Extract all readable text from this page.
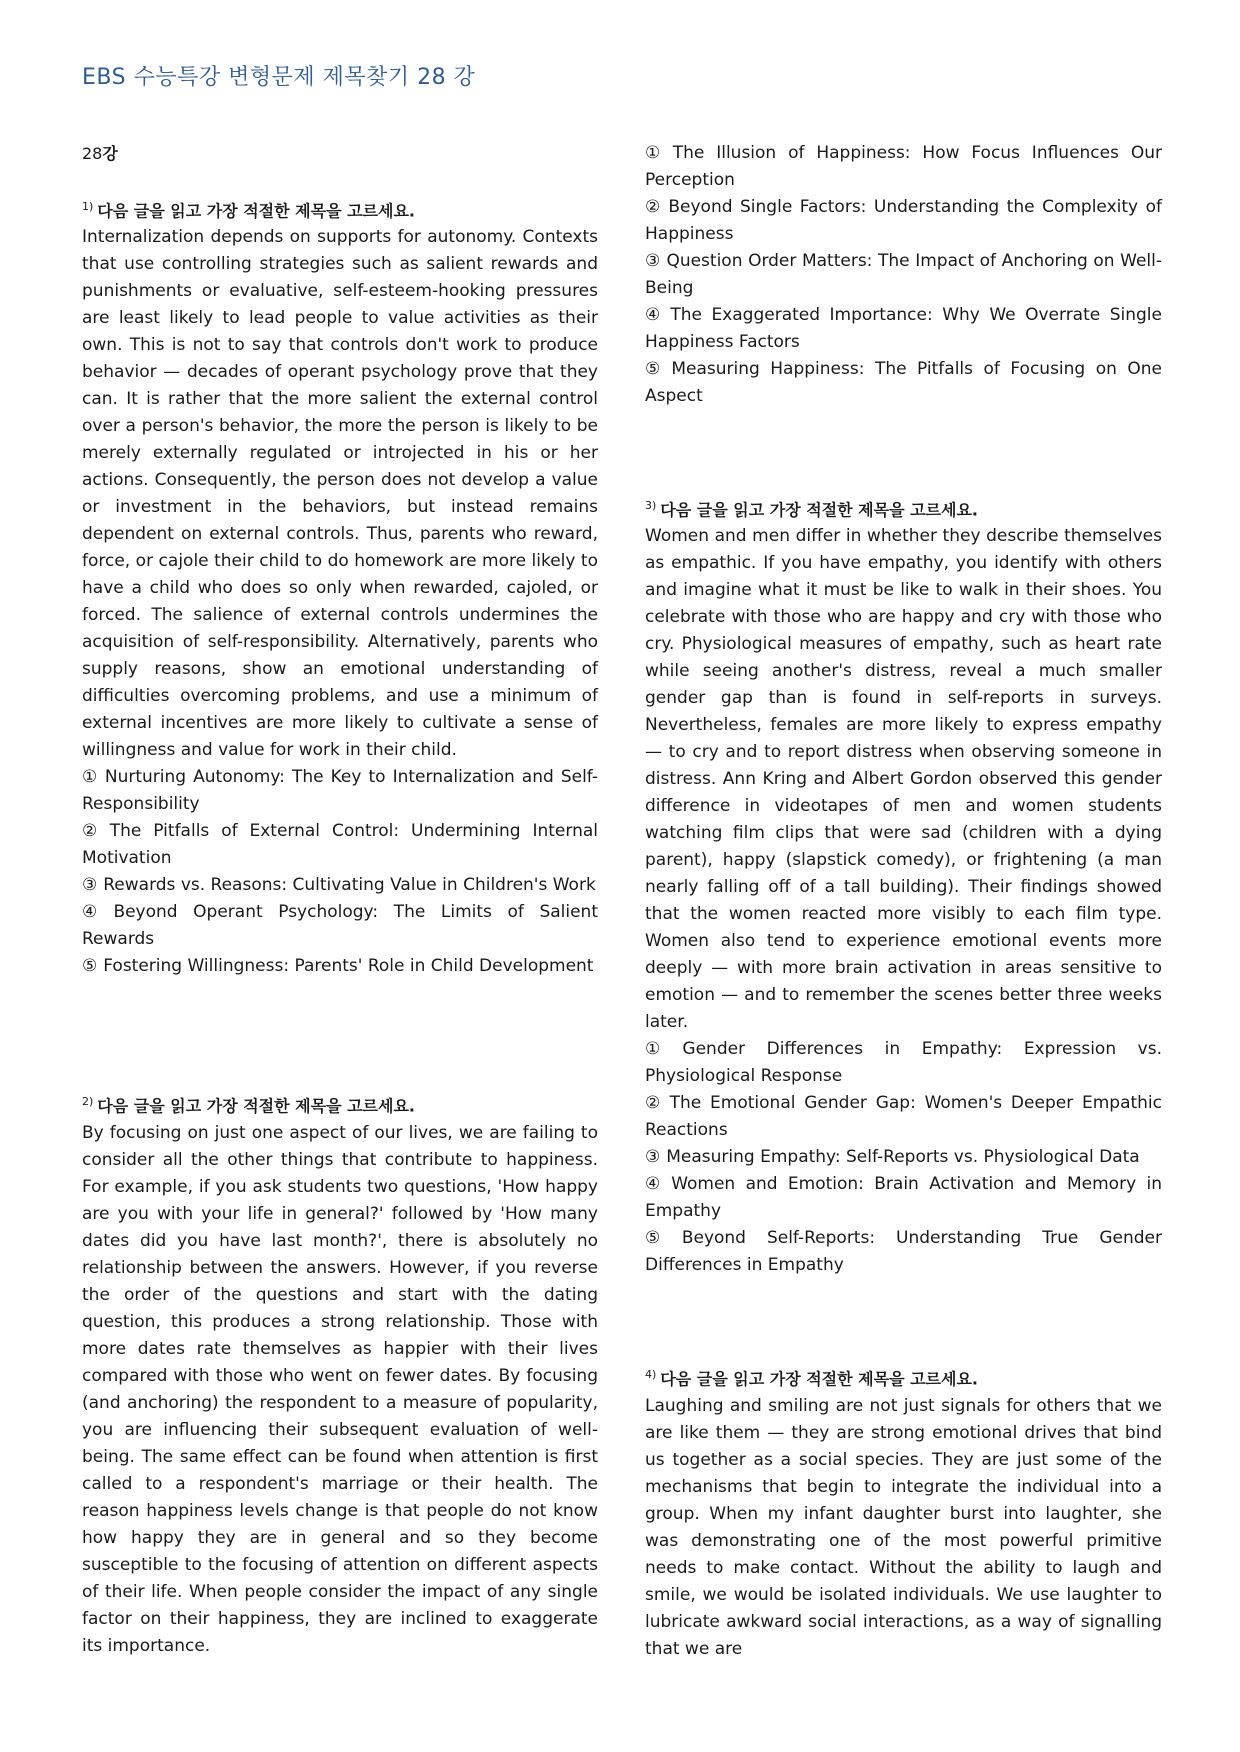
EBS 수능특강 변형문제 제목찾기 28 강
28강
$^{1)}$ 다음 글을 읽고 가장 적절한 제목을 고르세요.

Internalization depends on supports for autonomy. Contexts that use controlling strategies such as salient rewards and punishments or evaluative, self-esteem-hooking pressures are least likely to lead people to value activities as their own. This is not to say that controls don't work to produce behavior — decades of operant psychology prove that they can. It is rather that the more salient the external control over a person's behavior, the more the person is likely to be merely externally regulated or introjected in his or her actions. Consequently, the person does not develop a value or investment in the behaviors, but instead remains dependent on external controls. Thus, parents who reward, force, or cajole their child to do homework are more likely to have a child who does so only when rewarded, cajoled, or forced. The salience of external controls undermines the acquisition of self-responsibility. Alternatively, parents who supply reasons, show an emotional understanding of difficulties overcoming problems, and use a minimum of external incentives are more likely to cultivate a sense of willingness and value for work in their child.

① Nurturing Autonomy: The Key to Internalization and Self-Responsibility
② The Pitfalls of External Control: Undermining Internal Motivation
③ Rewards vs. Reasons: Cultivating Value in Children's Work
④ Beyond Operant Psychology: The Limits of Salient Rewards
⑤ Fostering Willingness: Parents' Role in Child Development
$^{2)}$ 다음 글을 읽고 가장 적절한 제목을 고르세요.

By focusing on just one aspect of our lives, we are failing to consider all the other things that contribute to happiness. For example, if you ask students two questions, 'How happy are you with your life in general?' followed by 'How many dates did you have last month?', there is absolutely no relationship between the answers. However, if you reverse the order of the questions and start with the dating question, this produces a strong relationship. Those with more dates rate themselves as happier with their lives compared with those who went on fewer dates. By focusing (and anchoring) the respondent to a measure of popularity, you are influencing their subsequent evaluation of well-being. The same effect can be found when attention is first called to a respondent's marriage or their health. The reason happiness levels change is that people do not know how happy they are in general and so they become susceptible to the focusing of attention on different aspects of their life. When people consider the impact of any single factor on their happiness, they are inclined to exaggerate its importance.

① The Illusion of Happiness: How Focus Influences Our Perception
② Beyond Single Factors: Understanding the Complexity of Happiness
③ Question Order Matters: The Impact of Anchoring on Well-Being
④ The Exaggerated Importance: Why We Overrate Single Happiness Factors
⑤ Measuring Happiness: The Pitfalls of Focusing on One Aspect
$^{3)}$ 다음 글을 읽고 가장 적절한 제목을 고르세요.

Women and men differ in whether they describe themselves as empathic. If you have empathy, you identify with others and imagine what it must be like to walk in their shoes. You celebrate with those who are happy and cry with those who cry. Physiological measures of empathy, such as heart rate while seeing another's distress, reveal a much smaller gender gap than is found in self-reports in surveys. Nevertheless, females are more likely to express empathy — to cry and to report distress when observing someone in distress. Ann Kring and Albert Gordon observed this gender difference in videotapes of men and women students watching film clips that were sad (children with a dying parent), happy (slapstick comedy), or frightening (a man nearly falling off of a tall building). Their findings showed that the women reacted more visibly to each film type. Women also tend to experience emotional events more deeply — with more brain activation in areas sensitive to emotion — and to remember the scenes better three weeks later.

① Gender Differences in Empathy: Expression vs. Physiological Response
② The Emotional Gender Gap: Women's Deeper Empathic Reactions
③ Measuring Empathy: Self-Reports vs. Physiological Data
④ Women and Emotion: Brain Activation and Memory in Empathy
⑤ Beyond Self-Reports: Understanding True Gender Differences in Empathy
$^{4)}$ 다음 글을 읽고 가장 적절한 제목을 고르세요.

Laughing and smiling are not just signals for others that we are like them — they are strong emotional drives that bind us together as a social species. They are just some of the mechanisms that begin to integrate the individual into a group. When my infant daughter burst into laughter, she was demonstrating one of the most powerful primitive needs to make contact. Without the ability to laugh and smile, we would be isolated individuals. We use laughter to lubricate awkward social interactions, as a way of signalling that we are
